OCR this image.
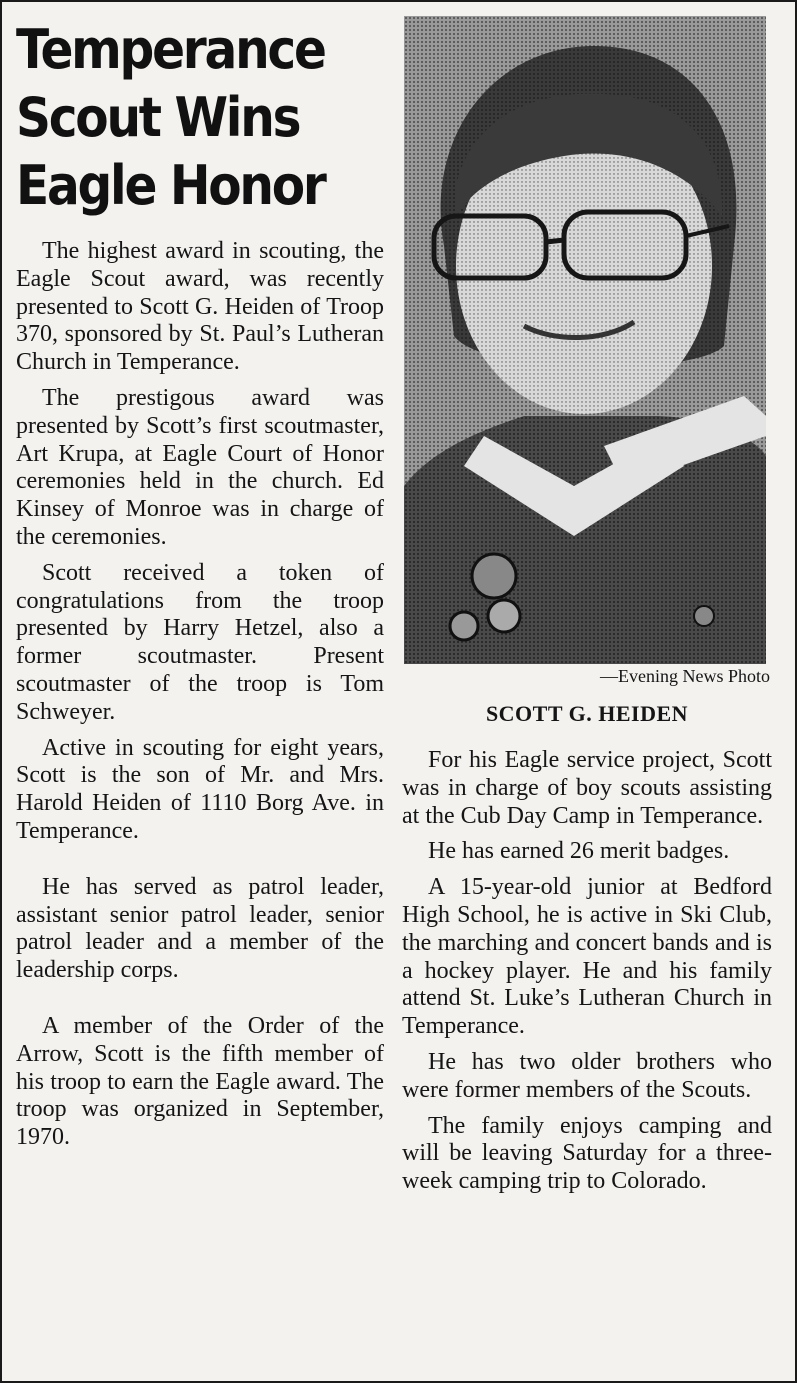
Temperance
Scout Wins
Eagle Honor

The highest award in scouting, the Eagle Scout award, was recently presented to Scott G. Heiden of Troop 370, sponsored by St. Paul’s Lutheran Church in Temperance.

The prestigous award was presented by Scott’s first scoutmaster, Art Krupa, at Eagle Court of Honor ceremonies held in the church. Ed Kinsey of Monroe was in charge of the ceremonies.

Scott received a token of congratulations from the troop presented by Harry Hetzel, also a former scoutmaster. Present scoutmaster of the troop is Tom Schweyer.

Active in scouting for eight years, Scott is the son of Mr. and Mrs. Harold Heiden of 1110 Borg Ave. in Temperance.

He has served as patrol leader, assistant senior patrol leader, senior patrol leader and a member of the leadership corps.

A member of the Order of the Arrow, Scott is the fifth member of his troop to earn the Eagle award. The troop was organized in September, 1970.

—Evening News Photo
SCOTT G. HEIDEN

For his Eagle service project, Scott was in charge of boy scouts assisting at the Cub Day Camp in Temperance.

He has earned 26 merit badges.

A 15-year-old junior at Bedford High School, he is active in Ski Club, the marching and concert bands and is a hockey player. He and his family attend St. Luke’s Lutheran Church in Temperance.

He has two older brothers who were former members of the Scouts.

The family enjoys camping and will be leaving Saturday for a three-week camping trip to Colorado.
